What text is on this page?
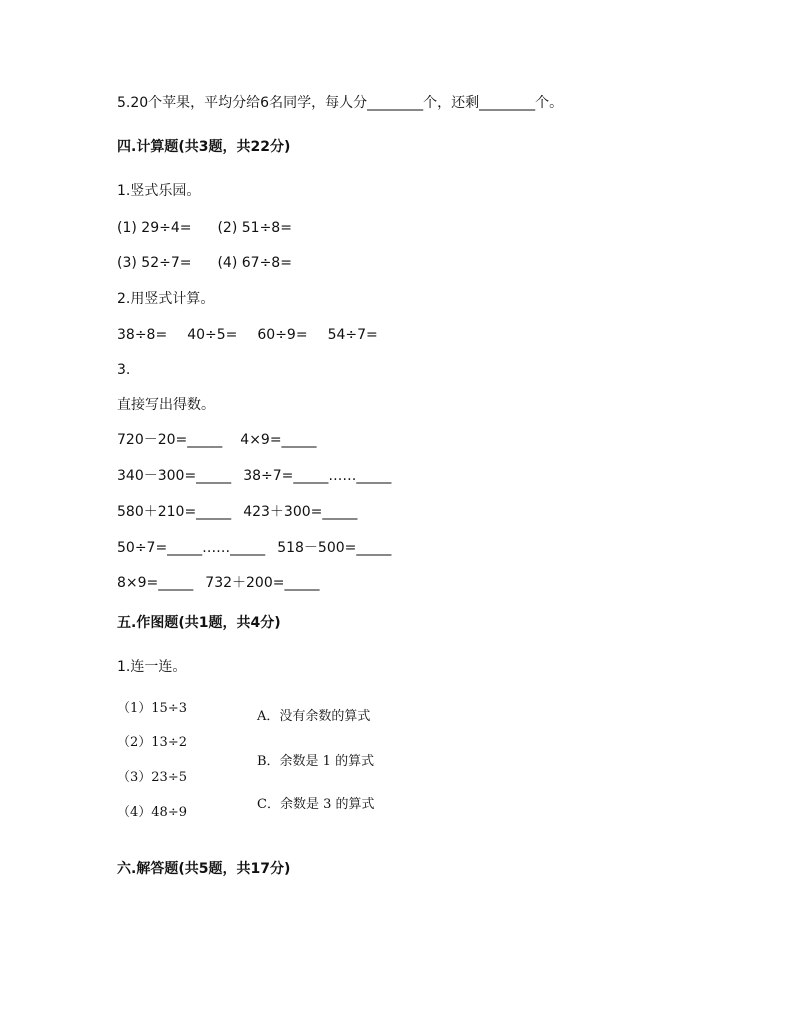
5.20个苹果，平均分给6名同学，每人分________个，还剩________个。
四.计算题(共3题，共22分)
1.竖式乐园。
(1) 29÷4= (2) 51÷8=
(3) 52÷7= (4) 67÷8=
2.用竖式计算。
38÷8= 40÷5= 60÷9= 54÷7=
3.
直接写出得数。
720－20=_____ 4×9=_____
340－300=_____ 38÷7=_____……_____
580＋210=_____ 423＋300=_____
50÷7=_____……_____ 518－500=_____
8×9=_____ 732＋200=_____
五.作图题(共1题，共4分)
1.连一连。
（1）15÷3
（2）13÷2
（3）23÷5
（4）48÷9
A．没有余数的算式
B．余数是 1 的算式
C．余数是 3 的算式
六.解答题(共5题，共17分)
